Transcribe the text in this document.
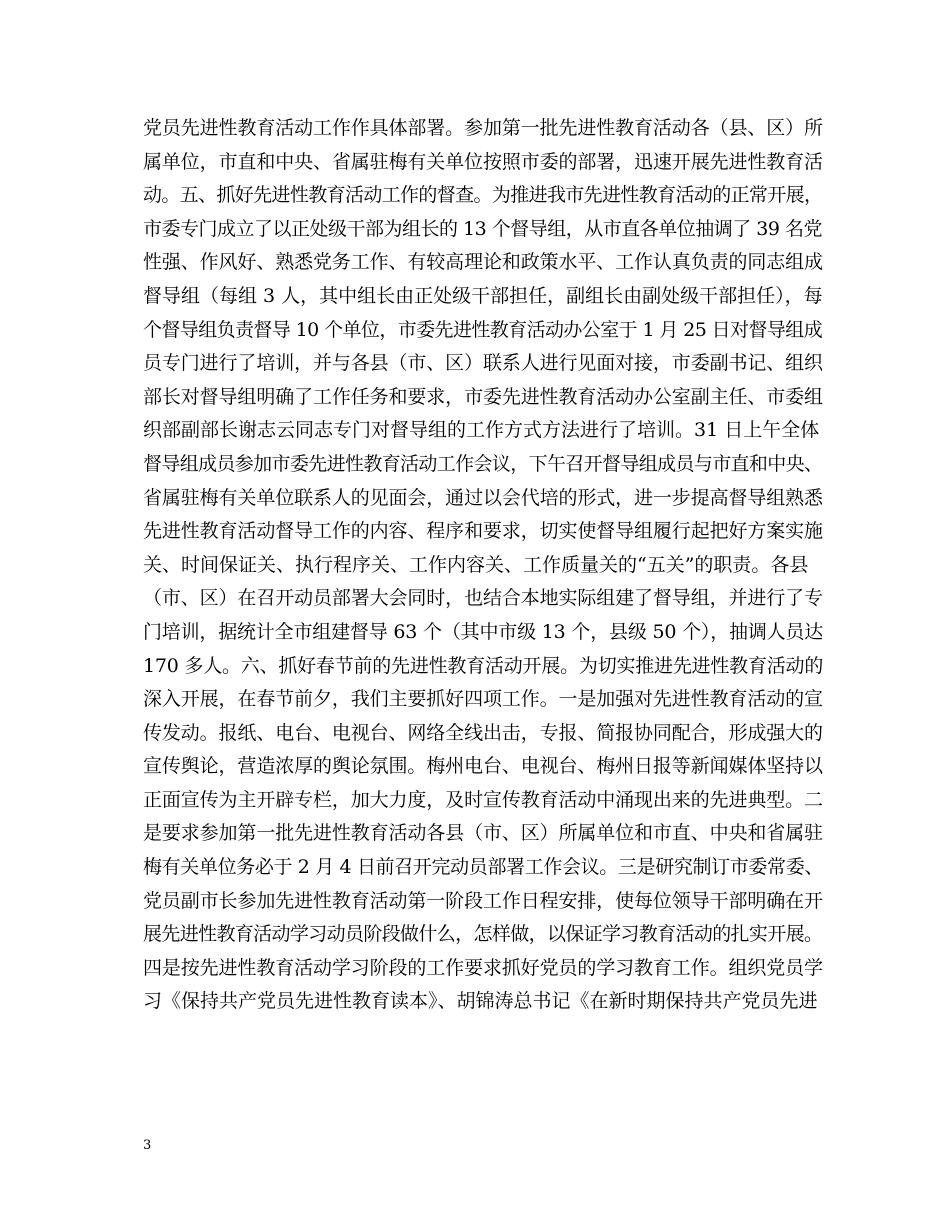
党员先进性教育活动工作作具体部署。参加第一批先进性教育活动各（县、区）所
属单位，市直和中央、省属驻梅有关单位按照市委的部署，迅速开展先进性教育活
动。五、抓好先进性教育活动工作的督查。为推进我市先进性教育活动的正常开展，
市委专门成立了以正处级干部为组长的 13 个督导组，从市直各单位抽调了 39 名党
性强、作风好、熟悉党务工作、有较高理论和政策水平、工作认真负责的同志组成
督导组（每组 3 人，其中组长由正处级干部担任，副组长由副处级干部担任），每
个督导组负责督导 10 个单位，市委先进性教育活动办公室于 1 月 25 日对督导组成
员专门进行了培训，并与各县（市、区）联系人进行见面对接，市委副书记、组织
部长对督导组明确了工作任务和要求，市委先进性教育活动办公室副主任、市委组
织部副部长谢志云同志专门对督导组的工作方式方法进行了培训。31 日上午全体
督导组成员参加市委先进性教育活动工作会议，下午召开督导组成员与市直和中央、
省属驻梅有关单位联系人的见面会，通过以会代培的形式，进一步提高督导组熟悉
先进性教育活动督导工作的内容、程序和要求，切实使督导组履行起把好方案实施
关、时间保证关、执行程序关、工作内容关、工作质量关的“五关”的职责。各县
（市、区）在召开动员部署大会同时，也结合本地实际组建了督导组，并进行了专
门培训，据统计全市组建督导 63 个（其中市级 13 个，县级 50 个），抽调人员达
170 多人。六、抓好春节前的先进性教育活动开展。为切实推进先进性教育活动的
深入开展，在春节前夕，我们主要抓好四项工作。一是加强对先进性教育活动的宣
传发动。报纸、电台、电视台、网络全线出击，专报、简报协同配合，形成强大的
宣传舆论，营造浓厚的舆论氛围。梅州电台、电视台、梅州日报等新闻媒体坚持以
正面宣传为主开辟专栏，加大力度，及时宣传教育活动中涌现出来的先进典型。二
是要求参加第一批先进性教育活动各县（市、区）所属单位和市直、中央和省属驻
梅有关单位务必于 2 月 4 日前召开完动员部署工作会议。三是研究制订市委常委、
党员副市长参加先进性教育活动第一阶段工作日程安排，使每位领导干部明确在开
展先进性教育活动学习动员阶段做什么，怎样做，以保证学习教育活动的扎实开展。
四是按先进性教育活动学习阶段的工作要求抓好党员的学习教育工作。组织党员学
习《保持共产党员先进性教育读本》、胡锦涛总书记《在新时期保持共产党员先进
3
